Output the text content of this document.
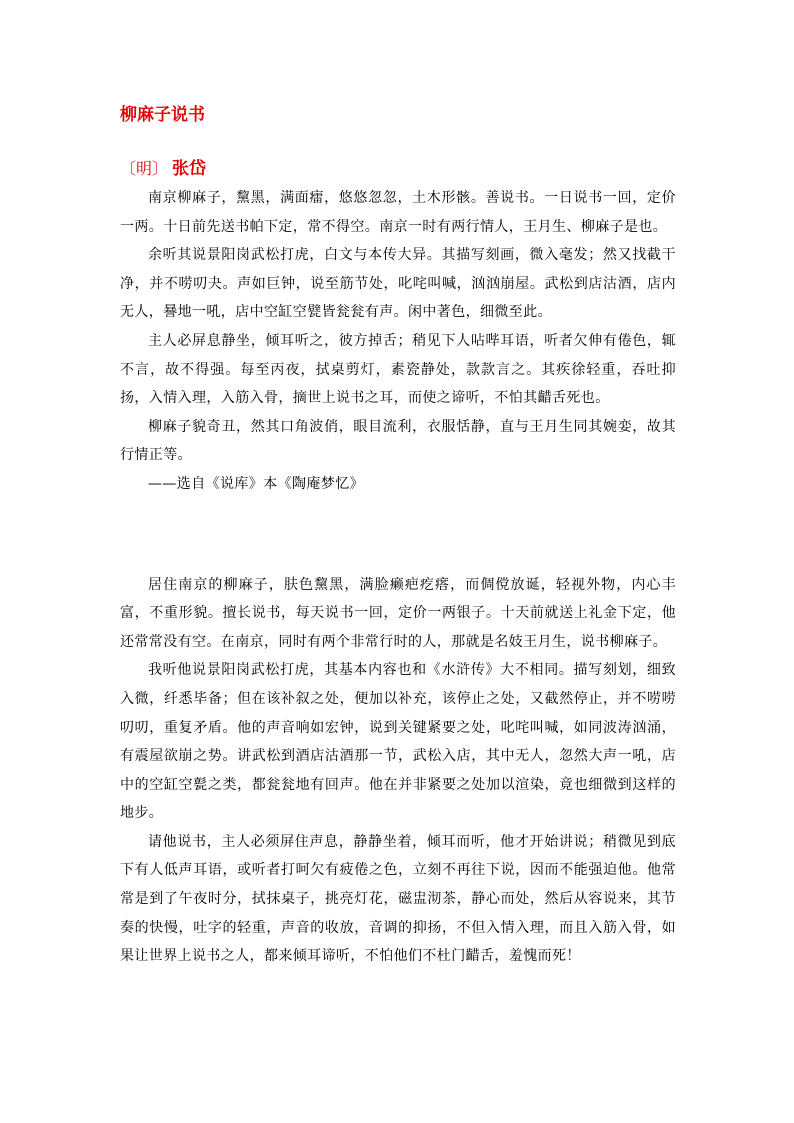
柳麻子说书
〔明〕 张岱

南京柳麻子，黧黑，满面癗，悠悠忽忽，土木形骸。善说书。一日说书一回，定价一两。十日前先送书帕下定，常不得空。南京一时有两行情人，王月生、柳麻子是也。

余听其说景阳岗武松打虎，白文与本传大异。其描写刻画，微入毫发；然又找截干净，并不唠叨夬。声如巨钟，说至筋节处，叱咤叫喊，汹汹崩屋。武松到店沽酒，店内无人，謈地一吼，店中空缸空甓皆瓮瓮有声。闲中著色，细微至此。

主人必屏息静坐，倾耳听之，彼方掉舌；稍见下人呫哔耳语，听者欠伸有倦色，辄不言，故不得强。每至丙夜，拭桌剪灯，素瓷静处，款款言之。其疾徐轻重，吞吐抑扬，入情入理，入筋入骨，摘世上说书之耳，而使之谛听，不怕其齰舌死也。

柳麻子貌奇丑，然其口角波俏，眼目流利，衣服恬静，直与王月生同其婉娈，故其行情正等。

——选自《说库》本《陶庵梦忆》

居住南京的柳麻子，肤色黧黑，满脸癞疤疙瘩，而倜傥放诞，轻视外物，内心丰富，不重形貌。擅长说书，每天说书一回，定价一两银子。十天前就送上礼金下定，他还常常没有空。在南京，同时有两个非常行时的人，那就是名妓王月生，说书柳麻子。

我听他说景阳岗武松打虎，其基本内容也和《水浒传》大不相同。描写刻划，细致入微，纤悉毕备；但在该补叙之处，便加以补充，该停止之处，又截然停止，并不唠唠叨叨，重复矛盾。他的声音响如宏钟，说到关键紧要之处，叱咤叫喊，如同波涛汹涌，有震屋欲崩之势。讲武松到酒店沽酒那一节，武松入店，其中无人，忽然大声一吼，店中的空缸空甏之类，都瓮瓮地有回声。他在并非紧要之处加以渲染，竟也细微到这样的地步。

请他说书，主人必须屏住声息，静静坐着，倾耳而听，他才开始讲说；稍微见到底下有人低声耳语，或听者打呵欠有疲倦之色，立刻不再往下说，因而不能强迫他。他常常是到了午夜时分，拭抹桌子，挑亮灯花，磁盅沏茶，静心而处，然后从容说来，其节奏的快慢，吐字的轻重，声音的收放，音调的抑扬，不但入情入理，而且入筋入骨，如果让世界上说书之人，都来倾耳谛听，不怕他们不杜门齰舌，羞愧而死！
